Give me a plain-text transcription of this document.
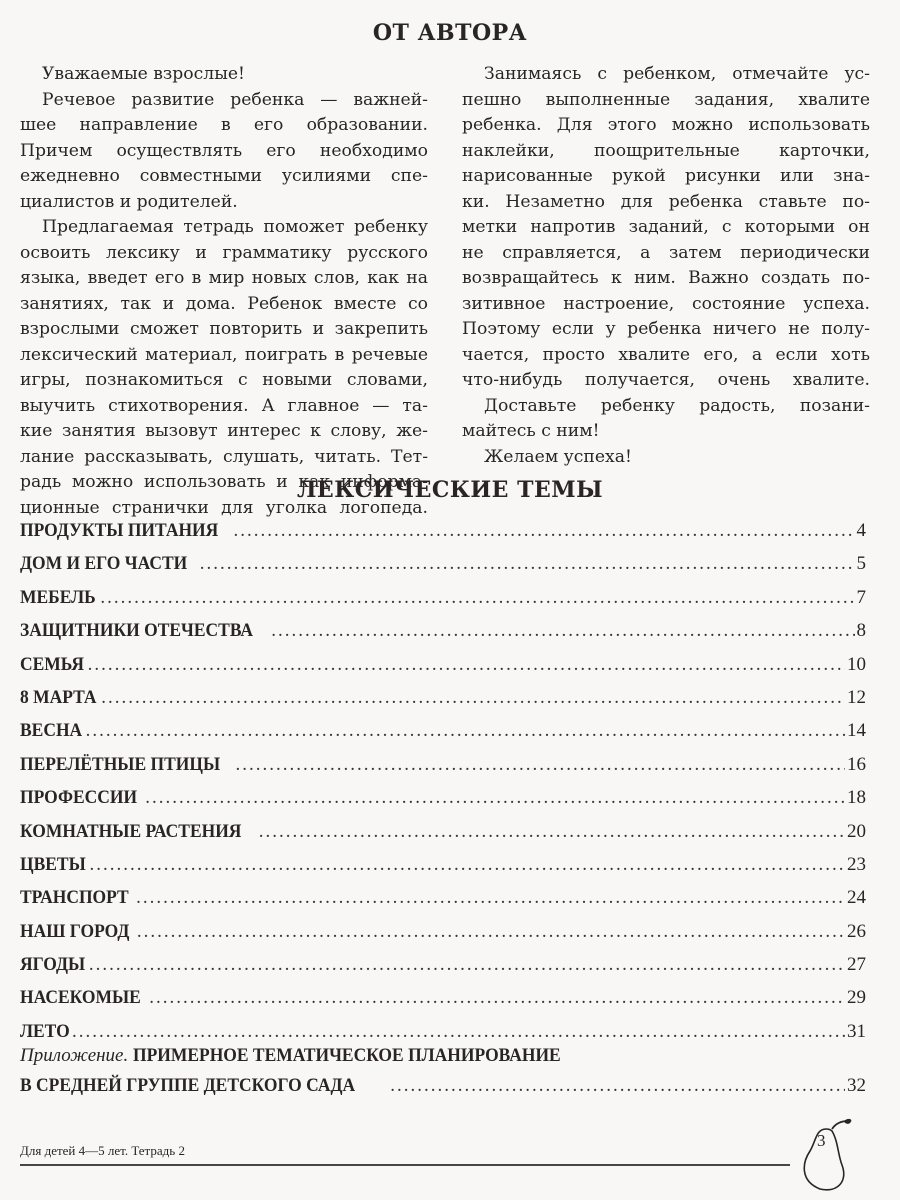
ОТ АВТОРА
Уважаемые взрослые!
Речевое развитие ребенка — важней-
шее направление в его образовании.
Причем осуществлять его необходимо
ежедневно совместными усилиями спе-
циалистов и родителей.
Предлагаемая тетрадь поможет ребенку
освоить лексику и грамматику русского
языка, введет его в мир новых слов, как на
занятиях, так и дома. Ребенок вместе со
взрослыми сможет повторить и закрепить
лексический материал, поиграть в речевые
игры, познакомиться с новыми словами,
выучить стихотворения. А главное — та-
кие занятия вызовут интерес к слову, же-
лание рассказывать, слушать, читать. Тет-
радь можно использовать и как информа-
ционные странички для уголка логопеда.
Занимаясь с ребенком, отмечайте ус-
пешно выполненные задания, хвалите
ребенка. Для этого можно использовать
наклейки, поощрительные карточки,
нарисованные рукой рисунки или зна-
ки. Незаметно для ребенка ставьте по-
метки напротив заданий, с которыми он
не справляется, а затем периодически
возвращайтесь к ним. Важно создать по-
зитивное настроение, состояние успеха.
Поэтому если у ребенка ничего не полу-
чается, просто хвалите его, а если хоть
что-нибудь получается, очень хвалите.
Доставьте ребенку радость, позани-
майтесь с ним!
Желаем успеха!
ЛЕКСИЧЕСКИЕ ТЕМЫ
ПРОДУКТЫ ПИТАНИЯ .....	4
ДОМ И ЕГО ЧАСТИ .....	5
МЕБЕЛЬ .....	7
ЗАЩИТНИКИ ОТЕЧЕСТВА .....	8
СЕМЬЯ .....	10
8 МАРТА .....	12
ВЕСНА .....	14
ПЕРЕЛЁТНЫЕ ПТИЦЫ .....	16
ПРОФЕССИИ .....	18
КОМНАТНЫЕ РАСТЕНИЯ .....	20
ЦВЕТЫ .....	23
ТРАНСПОРТ .....	24
НАШ ГОРОД .....	26
ЯГОДЫ .....	27
НАСЕКОМЫЕ .....	29
ЛЕТО .....	31
Приложение. ПРИМЕРНОЕ ТЕМАТИЧЕСКОЕ ПЛАНИРОВАНИЕ
В СРЕДНЕЙ ГРУППЕ ДЕТСКОГО САДА .....	32
Для детей 4—5 лет. Тетрадь 2
3
